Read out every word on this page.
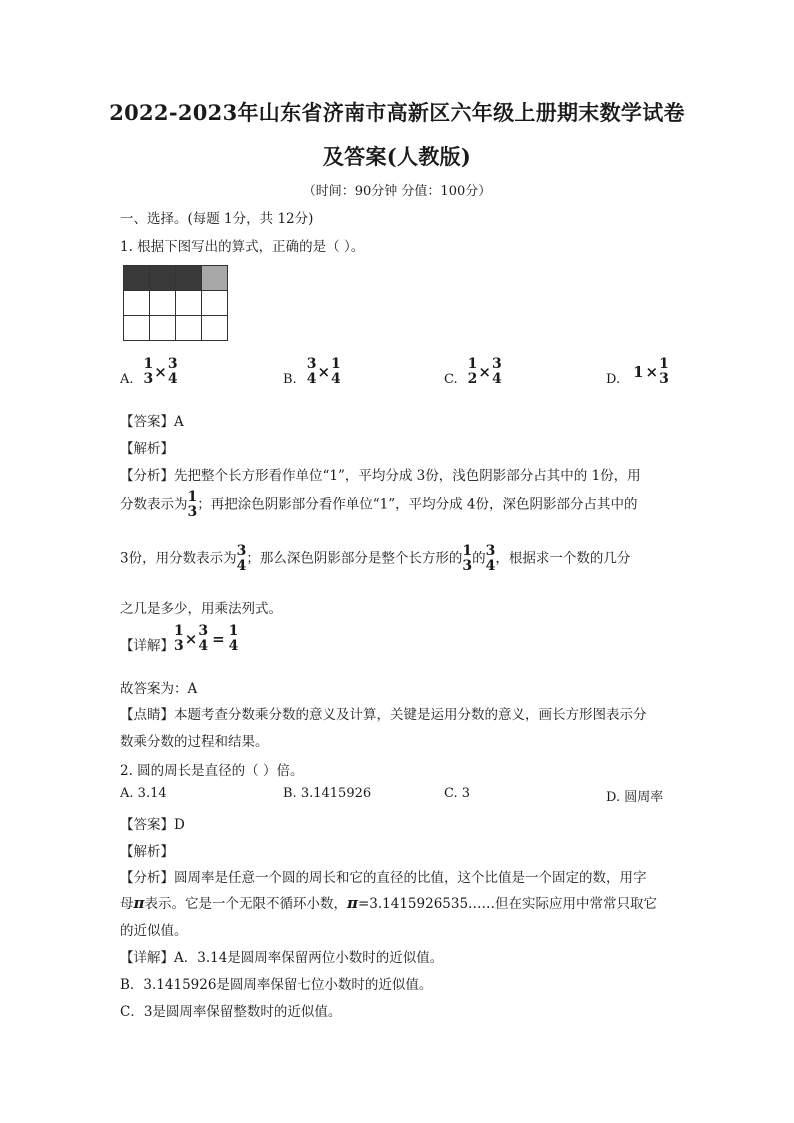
2022-2023年山东省济南市高新区六年级上册期末数学试卷
及答案(人教版)
（时间：90分钟 分值：100分）
一、选择。(每题 1分，共 12分)
1. 根据下图写出的算式，正确的是（ ）。

A.
1
3 × 3
4	B.
3
4 × 1
4	C.
1
2 × 3
4	D. 1 × 1
3
【答案】A
【解析】
【分析】先把整个长方形看作单位“1”，平均分成 3份，浅色阴影部分占其中的 1份，用
分数表示为 1
3 ；再把涂色阴影部分看作单位“1”，平均分成 4份，深色阴影部分占其中的
3份，用分数表示为 3
4 ；那么深色阴影部分是整个长方形的 1
3 的 3
4 ，根据求一个数的几分
之几是多少，用乘法列式。
【详解】
1
3 × 3
4 = 1
4
故答案为：A
【点睛】本题考查分数乘分数的意义及计算，关键是运用分数的意义，画长方形图表示分
数乘分数的过程和结果。
2. 圆的周长是直径的（ ）倍。
A. 3.14	B. 3.1415926	C. 3	D. 圆周率
【答案】D
【解析】
【分析】圆周率是任意一个圆的周长和它的直径的比值，这个比值是一个固定的数，用字
母π表示。它是一个无限不循环小数，π=3.1415926535……但在实际应用中常常只取它
的近似值。
【详解】A．3.14是圆周率保留两位小数时的近似值。
B．3.1415926是圆周率保留七位小数时的近似值。
C．3是圆周率保留整数时的近似值。
